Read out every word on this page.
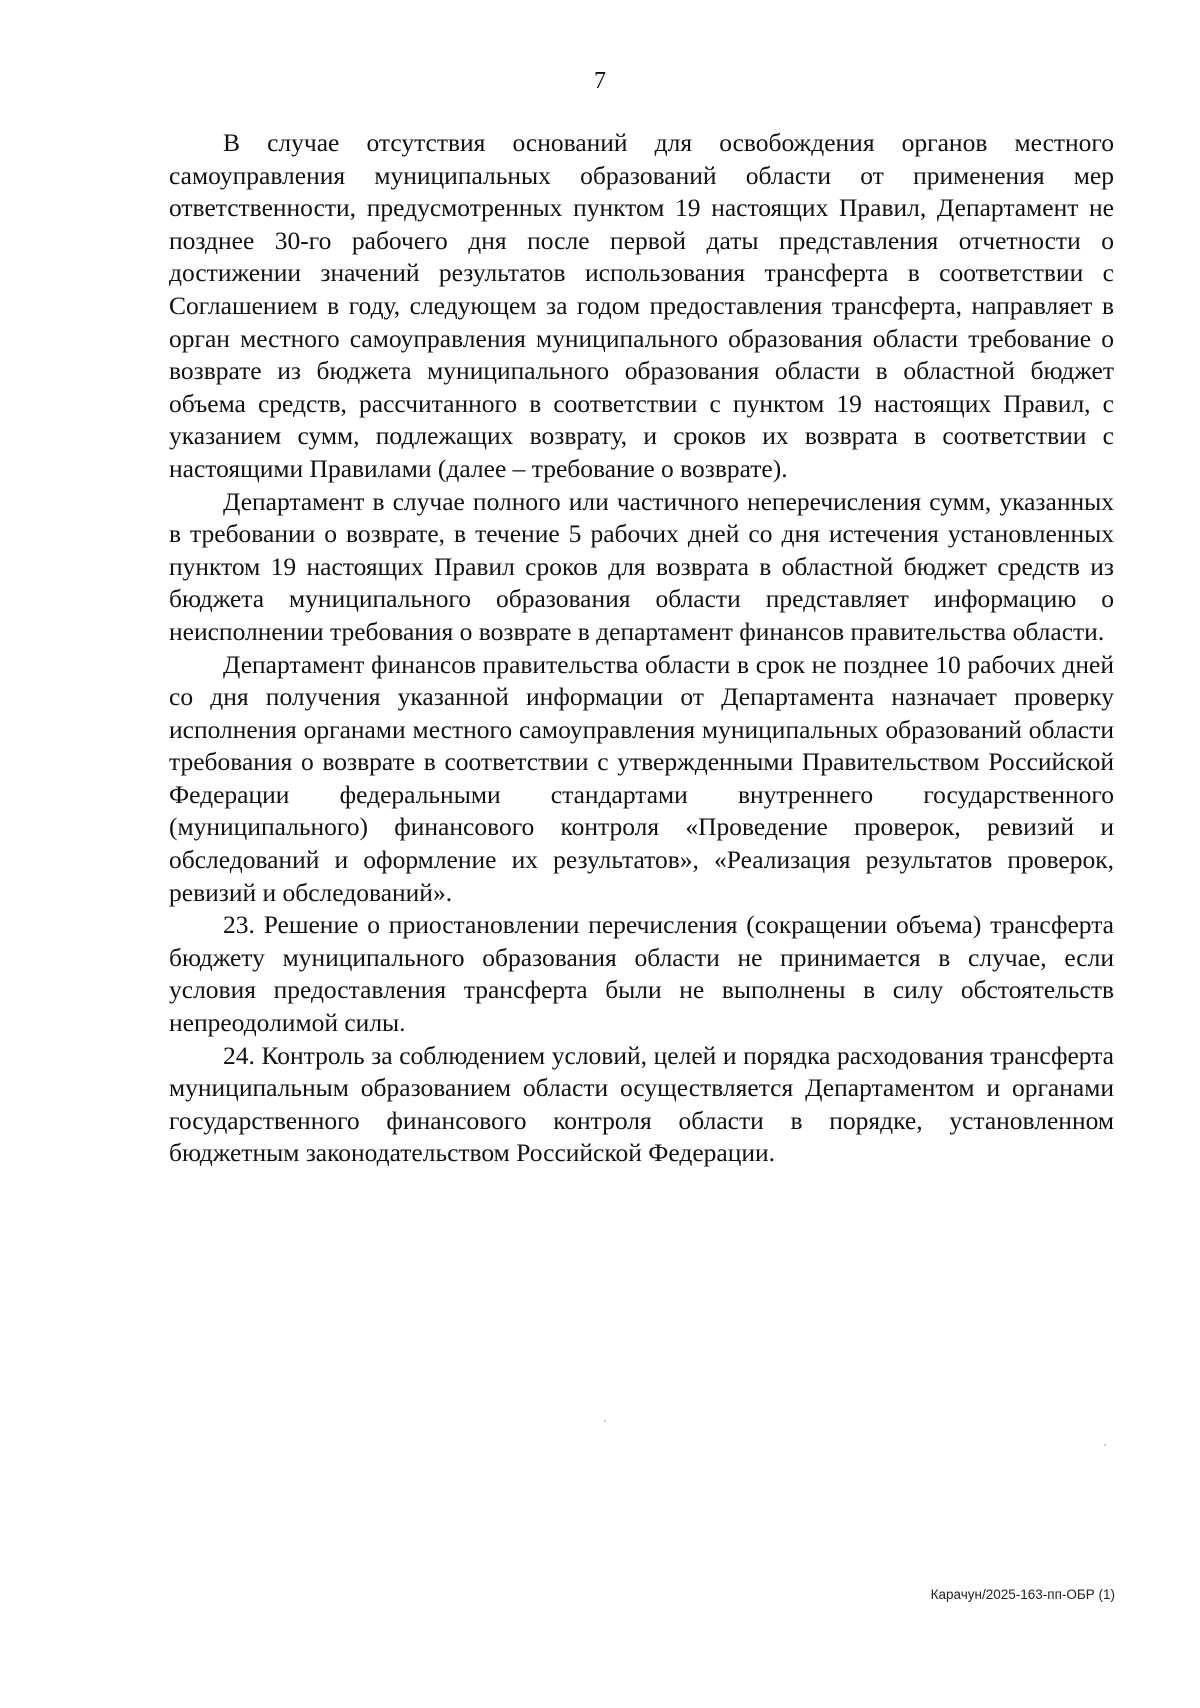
7

В случае отсутствия оснований для освобождения органов местного самоуправления муниципальных образований области от применения мер ответственности, предусмотренных пунктом 19 настоящих Правил, Департамент не позднее 30-го рабочего дня после первой даты представления отчетности о достижении значений результатов использования трансферта в соответствии с Соглашением в году, следующем за годом предоставления трансферта, направляет в орган местного самоуправления муниципального образования области требование о возврате из бюджета муниципального образования области в областной бюджет объема средств, рассчитанного в соответствии с пунктом 19 настоящих Правил, с указанием сумм, подлежащих возврату, и сроков их возврата в соответствии с настоящими Правилами (далее – требование о возврате).

Департамент в случае полного или частичного неперечисления сумм, указанных в требовании о возврате, в течение 5 рабочих дней со дня истечения установленных пунктом 19 настоящих Правил сроков для возврата в областной бюджет средств из бюджета муниципального образования области представляет информацию о неисполнении требования о возврате в департамент финансов правительства области.

Департамент финансов правительства области в срок не позднее 10 рабочих дней со дня получения указанной информации от Департамента назначает проверку исполнения органами местного самоуправления муниципальных образований области требования о возврате в соответствии с утвержденными Правительством Российской Федерации федеральными стандартами внутреннего государственного (муниципального) финансового контроля «Проведение проверок, ревизий и обследований и оформление их результатов», «Реализация результатов проверок, ревизий и обследований».

23. Решение о приостановлении перечисления (сокращении объема) трансферта бюджету муниципального образования области не принимается в случае, если условия предоставления трансферта были не выполнены в силу обстоятельств непреодолимой силы.

24. Контроль за соблюдением условий, целей и порядка расходования трансферта муниципальным образованием области осуществляется Департаментом и органами государственного финансового контроля области в порядке, установленном бюджетным законодательством Российской Федерации.

Карачун/2025-163-пп-ОБР (1)
